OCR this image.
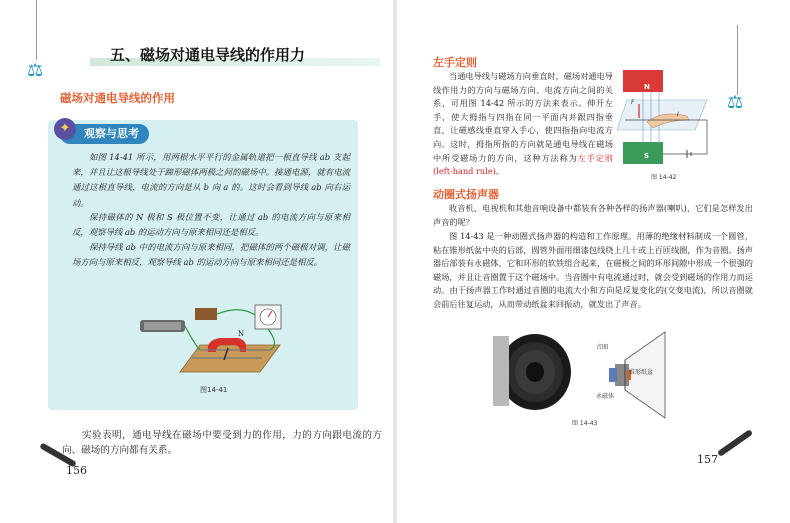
⚖
五、磁场对通电导线的作用力
磁场对通电导线的作用
观察与思考
✦
如图 14-41 所示，用两根水平平行的金属轨道把一根直导线 ab 支起来，并且让这根导线处于蹄形磁体两极之间的磁场中。接通电源，就有电流通过这根直导线，电流的方向是从 b 向 a 的。这时会看到导线 ab 向右运动。
保持磁体的 N 极和 S 极位置不变，让通过 ab 的电流方向与原来相反，观察导线 ab 的运动方向与原来相同还是相反。
保持导线 ab 中的电流方向与原来相同，把磁体的两个磁极对调，让磁场方向与原来相反，观察导线 ab 的运动方向与原来相同还是相反。
N
图14-41
实验表明，通电导线在磁场中要受到力的作用，力的方向跟电流的方向、磁场的方向都有关系。
156
⚖
左手定则
当通电导线与磁场方向垂直时，磁场对通电导线作用力的方向与磁场方向、电流方向之间的关系，可用图 14-42 所示的方法来表示。伸开左手，使大拇指与四指在同一平面内并跟四指垂直，让磁感线垂直穿入手心，使四指指向电流方向。这时，拇指所指的方向就是通电导线在磁场中所受磁场力的方向，这种方法称为左手定则(left-hand rule)。
N
S
F
I
图 14-42
动圈式扬声器
收音机、电视机和其他音响设备中都装有各种各样的扬声器(喇叭)，它们是怎样发出声音的呢？
图 14-43 是一种动圈式扬声器的构造和工作原理。用薄的绝缘材料制成一个圆管，粘在锥形纸盆中央的后部，圆管外面用细漆包线绕上几十或上百匝线圈，作为音圈。扬声器后部装有永磁体，它和环形的软铁组合起来，在磁极之间的环形间隙中形成一个很强的磁场，并且让音圈置于这个磁场中。当音圈中有电流通过时，就会受到磁场的作用力而运动。由于扬声器工作时通过音圈的电流大小和方向是反复变化的(交变电流)，所以音圈就会前后往复运动，从而带动纸盆来回振动，就发出了声音。
音圈
锥形纸盆
永磁体
图 14-43
157
